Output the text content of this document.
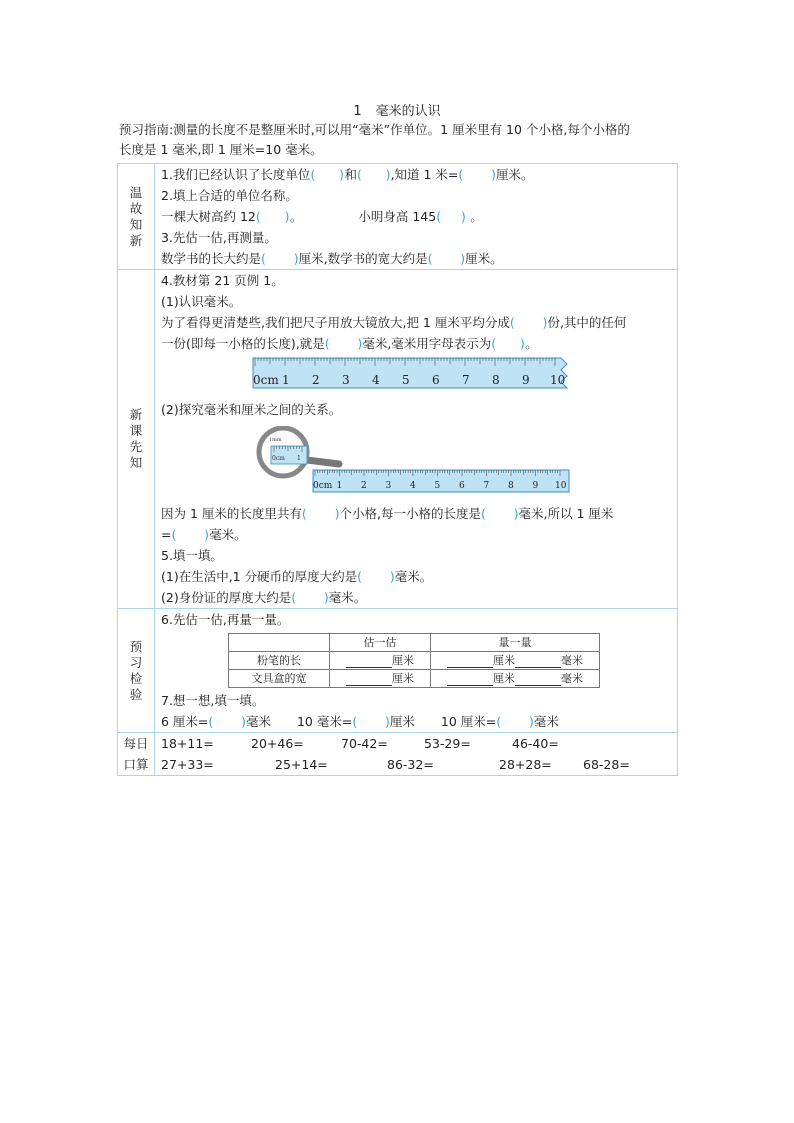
1 毫米的认识
预习指南:测量的长度不是整厘米时,可以用“毫米”作单位。1 厘米里有 10 个小格,每个小格的
长度是 1 毫米,即 1 厘米=10 毫米。
温
故
知
新

1.我们已经认识了长度单位(      )和(      ),知道 1 米=(       )厘米。
2.填上合适的单位名称。
一棵大树高约 12(      )。	小明身高 145(     ) 。
3.先估一估,再测量。
数学书的长大约是(       )厘米,数学书的宽大约是(       )厘米。

新
课
先
知

4.教材第 21 页例 1。
(1)认识毫米。
为了看得更清楚些,我们把尺子用放大镜放大,把 1 厘米平均分成(       )份,其中的任何
一份(即每一小格的长度),就是(       )毫米,毫米用字母表示为(      )。
0cm 1 2 3 4 5 6 7 8 9 10
(2)探究毫米和厘米之间的关系。
0cm 1 2 3 4 5 6 7 8 9 10
1mm
0cm 1
因为 1 厘米的长度里共有(       )个小格,每一小格的长度是(       )毫米,所以 1 厘米
=(       )毫米。
5.填一填。
(1)在生活中,1 分硬币的厚度大约是(       )毫米。
(2)身份证的厚度大约是(       )毫米。

预
习
检
验

6.先估一估,再量一量。
	估一估	量一量
粉笔的长	厘米	厘米	毫米
文具盒的宽	厘米	厘米	毫米
7.想一想,填一填。
6 厘米=(       )毫米 10 毫米=(       )厘米 10 厘米=(       )毫米

每日
口算

18+11=	20+46=	70-42=	53-29=	46-40=
27+33=	25+14=	86-32=	28+28= 68-28=
